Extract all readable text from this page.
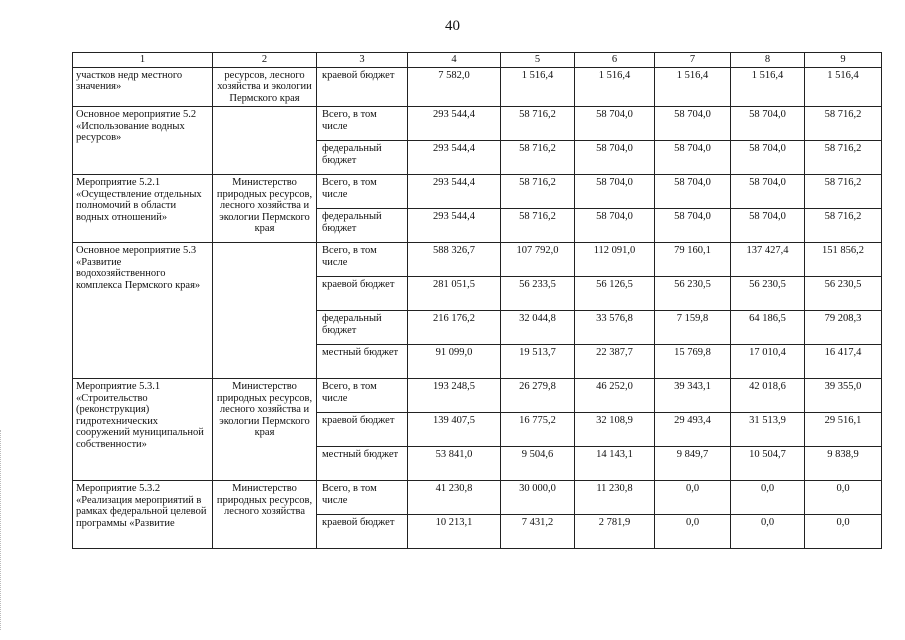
40
1	2	3	4	5	6	7	8	9
участков недр местного значения»	ресурсов, лесного хозяйства и экологии Пермского края	краевой бюджет	7 582,0	1 516,4	1 516,4	1 516,4	1 516,4	1 516,4
Основное мероприятие 5.2 «Использование водных ресурсов»		Всего, в том числе	293 544,4	58 716,2	58 704,0	58 704,0	58 704,0	58 716,2
		федеральный бюджет	293 544,4	58 716,2	58 704,0	58 704,0	58 704,0	58 716,2
Мероприятие 5.2.1 «Осуществление отдельных полномочий в области водных отношений»	Министерство природных ресурсов, лесного хозяйства и экологии Пермского края	Всего, в том числе	293 544,4	58 716,2	58 704,0	58 704,0	58 704,0	58 716,2
		федеральный бюджет	293 544,4	58 716,2	58 704,0	58 704,0	58 704,0	58 716,2
Основное мероприятие 5.3 «Развитие водохозяйственного комплекса Пермского края»		Всего, в том числе	588 326,7	107 792,0	112 091,0	79 160,1	137 427,4	151 856,2
		краевой бюджет	281 051,5	56 233,5	56 126,5	56 230,5	56 230,5	56 230,5
		федеральный бюджет	216 176,2	32 044,8	33 576,8	7 159,8	64 186,5	79 208,3
		местный бюджет	91 099,0	19 513,7	22 387,7	15 769,8	17 010,4	16 417,4
Мероприятие 5.3.1 «Строительство (реконструкция) гидротехнических сооружений муниципальной собственности»	Министерство природных ресурсов, лесного хозяйства и экологии Пермского края	Всего, в том числе	193 248,5	26 279,8	46 252,0	39 343,1	42 018,6	39 355,0
		краевой бюджет	139 407,5	16 775,2	32 108,9	29 493,4	31 513,9	29 516,1
		местный бюджет	53 841,0	9 504,6	14 143,1	9 849,7	10 504,7	9 838,9
Мероприятие 5.3.2 «Реализация мероприятий в рамках федеральной целевой программы «Развитие	Министерство природных ресурсов, лесного хозяйства	Всего, в том числе	41 230,8	30 000,0	11 230,8	0,0	0,0	0,0
		краевой бюджет	10 213,1	7 431,2	2 781,9	0,0	0,0	0,0
